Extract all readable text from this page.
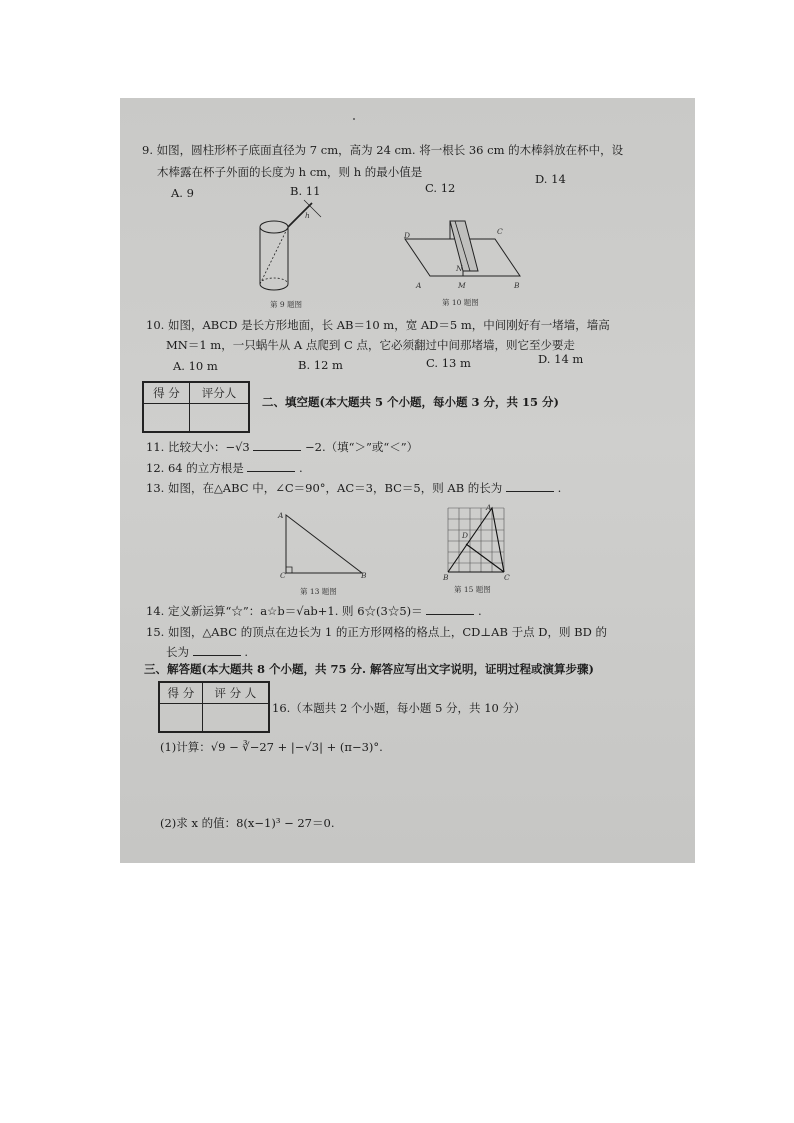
9. 如图，圆柱形杯子底面直径为 7 cm，高为 24 cm. 将一根长 36 cm 的木棒斜放在杯中，设
木棒露在杯子外面的长度为 h cm，则 h 的最小值是
A. 9	B. 11	C. 12
D. 14
h
第 9 题图
D	C
N
A	M	B
第 10 题图
10. 如图，ABCD 是长方形地面，长 AB＝10 m，宽 AD＝5 m，中间刚好有一堵墙，墙高
MN＝1 m，一只蜗牛从 A 点爬到 C 点，它必须翻过中间那堵墙，则它至少要走
A. 10 m	B. 12 m	C. 13 m	D. 14 m
得 分	评分人

二、填空题(本大题共 5 个小题，每小题 3 分，共 15 分)
11. 比较大小：−√3	−2.（填“＞”或“＜”）
12. 64 的立方根是	.
13. 如图，在△ABC 中，∠C＝90°，AC＝3，BC＝5，则 AB 的长为	.
A
C	B
第 13 题图
A
D
B	C
第 15 题图
14. 定义新运算“☆”：a☆b＝√ab+1. 则 6☆(3☆5)＝	.
15. 如图，△ABC 的顶点在边长为 1 的正方形网格的格点上，CD⊥AB 于点 D，则 BD 的
长为	.
三、解答题(本大题共 8 个小题，共 75 分. 解答应写出文字说明，证明过程或演算步骤)
得 分	评 分 人

16.（本题共 2 个小题，每小题 5 分，共 10 分）
(1)计算：√9 − ∛−27 + |−√3| + (π−3)°.
(2)求 x 的值：8(x−1)³ − 27＝0.
